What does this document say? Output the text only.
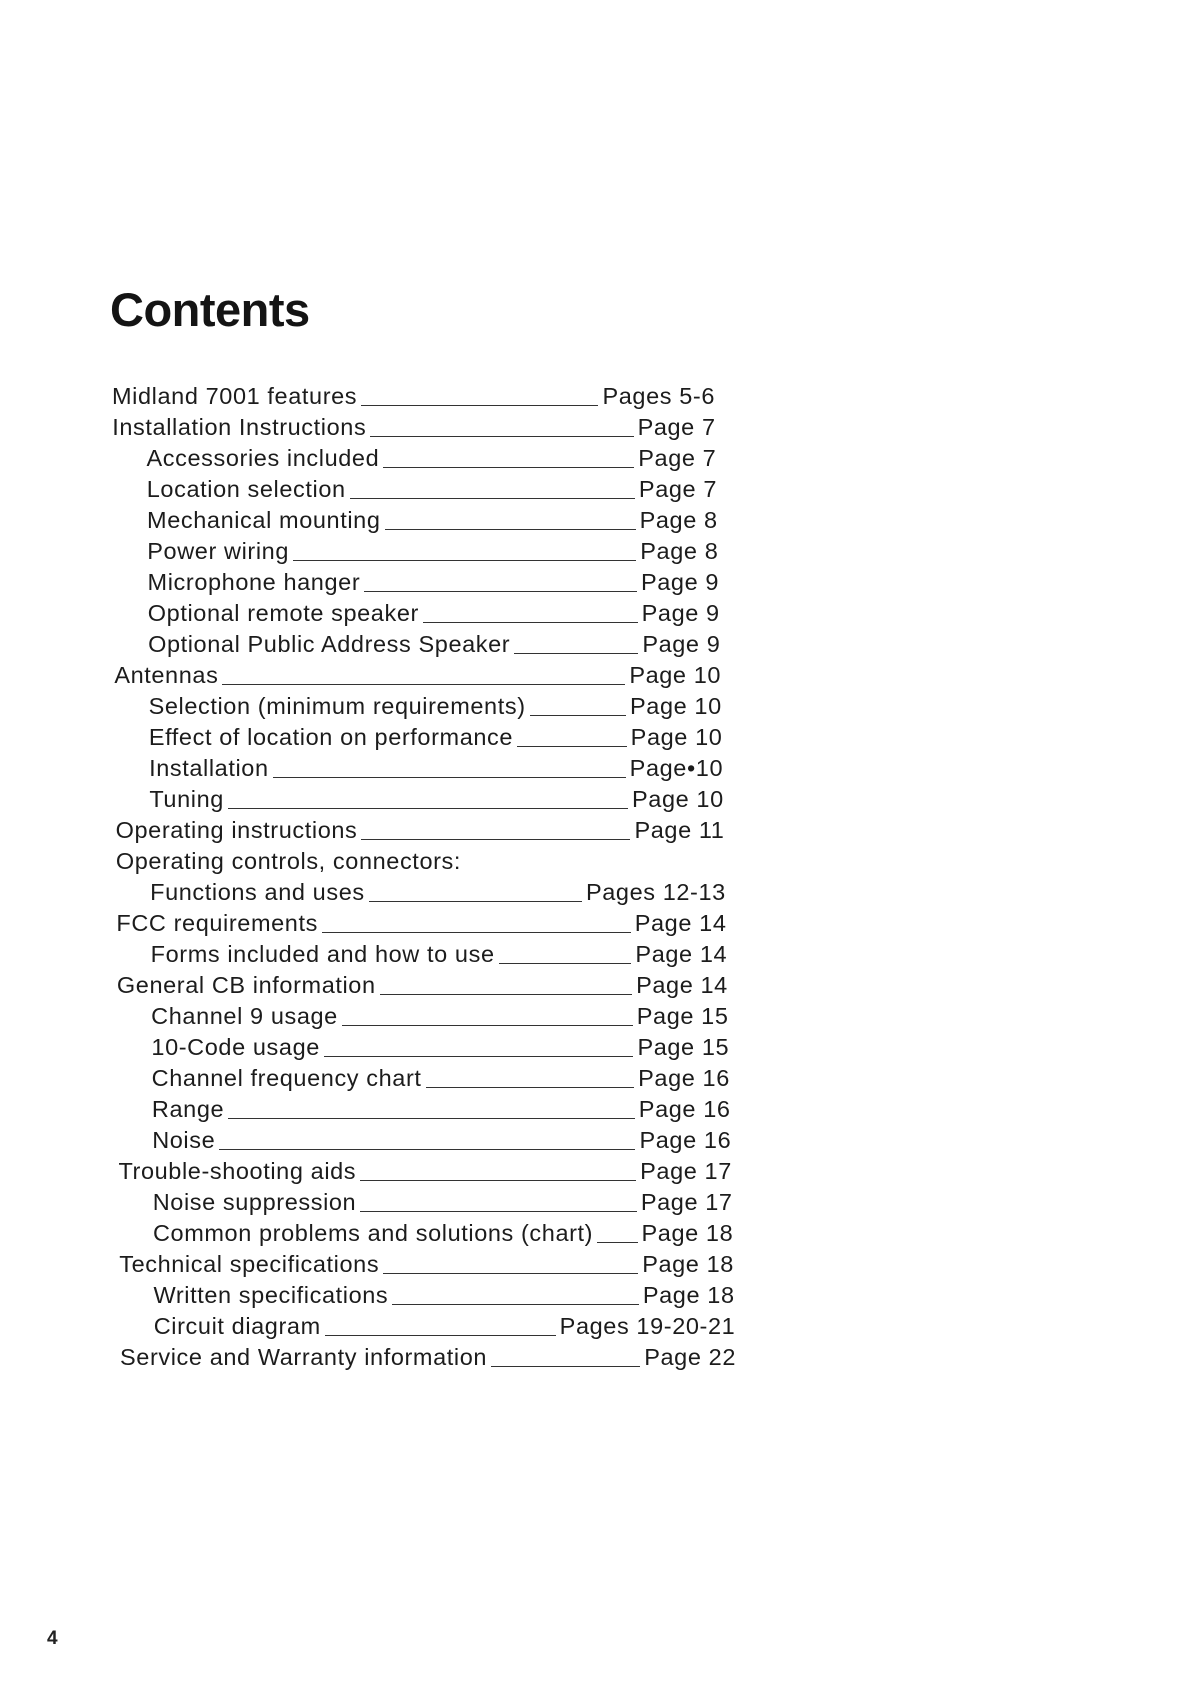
Contents
Midland 7001 features	Pages 5-6
Installation Instructions	Page 7
Accessories included	Page 7
Location selection	Page 7
Mechanical mounting	Page 8
Power wiring	Page 8
Microphone hanger	Page 9
Optional remote speaker	Page 9
Optional Public Address Speaker	Page 9
Antennas	Page 10
Selection (minimum requirements)	Page 10
Effect of location on performance	Page 10
Installation	Page•10
Tuning	Page 10
Operating instructions	Page 11
Operating controls, connectors:
Functions and uses	Pages 12-13
FCC requirements	Page 14
Forms included and how to use	Page 14
General CB information	Page 14
Channel 9 usage	Page 15
10-Code usage	Page 15
Channel frequency chart	Page 16
Range	Page 16
Noise	Page 16
Trouble-shooting aids	Page 17
Noise suppression	Page 17
Common problems and solutions (chart) Page 18
Technical specifications	Page 18
Written specifications	Page 18
Circuit diagram	Pages 19-20-21
Service and Warranty information	Page 22
4
